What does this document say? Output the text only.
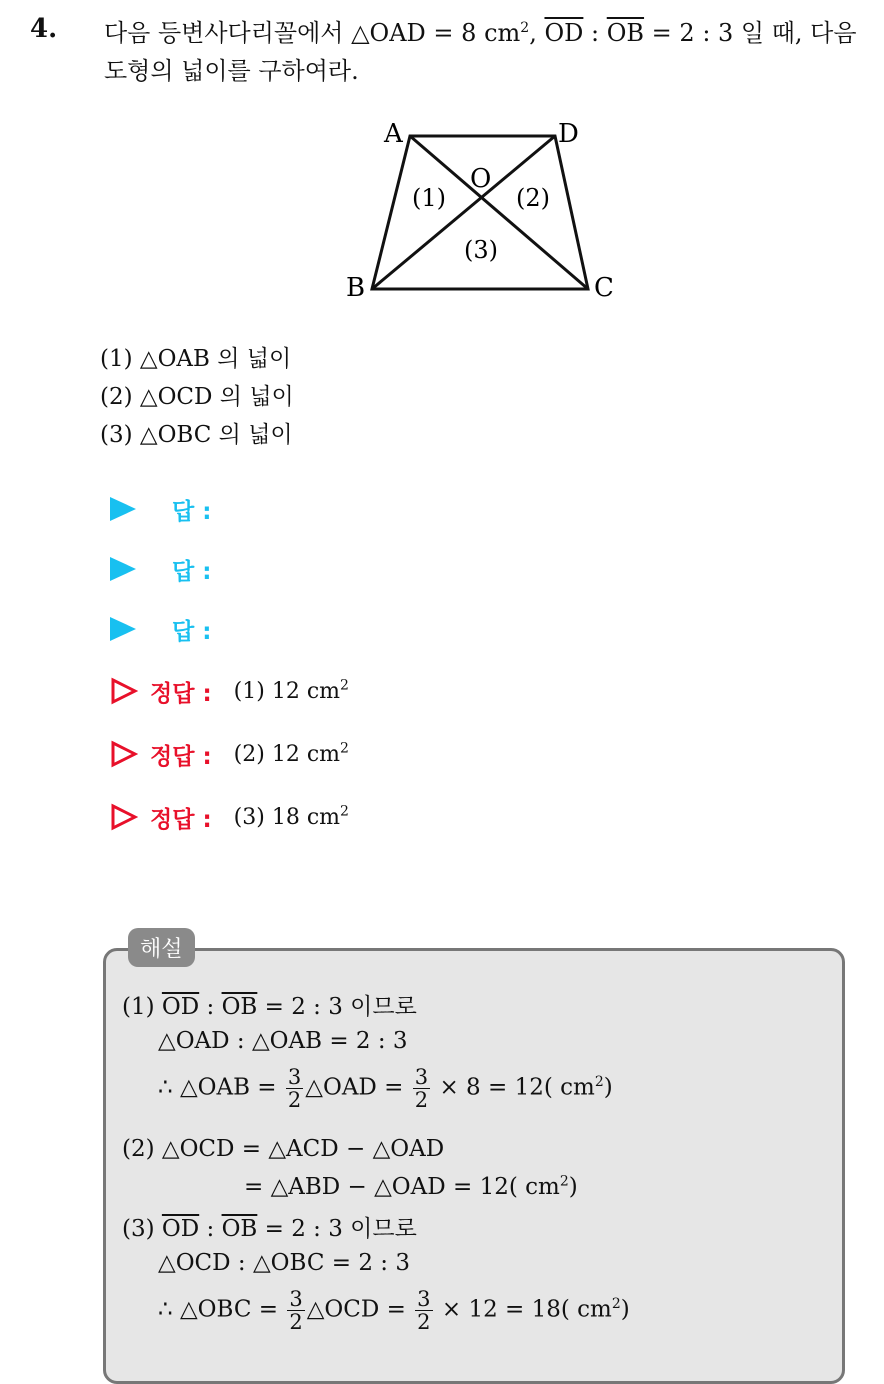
4. 다음 등변사다리꼴에서 △OAD = 8 $cm^2$, $\overline{OD}$ : $\overline{OB} = 2$ : 3 일 때, 다음
도형의 넓이를 구하여라.
A	D
O
B	C
(1)	(2)
(3)
(1) △OAB 의 넓이
(2) △OCD 의 넓이
(3) △OBC 의 넓이
답 :
답 :
답 :
정답 : (1) 12 $cm^2$
정답 : (2) 12 $cm^2$
정답 : (3) 18 $cm^2$
해설
(1) $\overline{OD}$ : $\overline{OB} = 2$ : 3 이므로
△OAD : △OAB = 2 : 3
∴ △OAB = $\frac{3}{2}$ △OAD = $\frac{3}{2} \times 8 = 12$( $cm^2$)
(2) △OCD = △ACD − △OAD
= △ABD − △OAD = 12( $cm^2$)
(3) $\overline{OD}$ : $\overline{OB} = 2$ : 3 이므로
△OCD : △OBC = 2 : 3
∴ △OBC = $\frac{3}{2}$ △OCD = $\frac{3}{2} \times 12 = 18$( $cm^2$)
